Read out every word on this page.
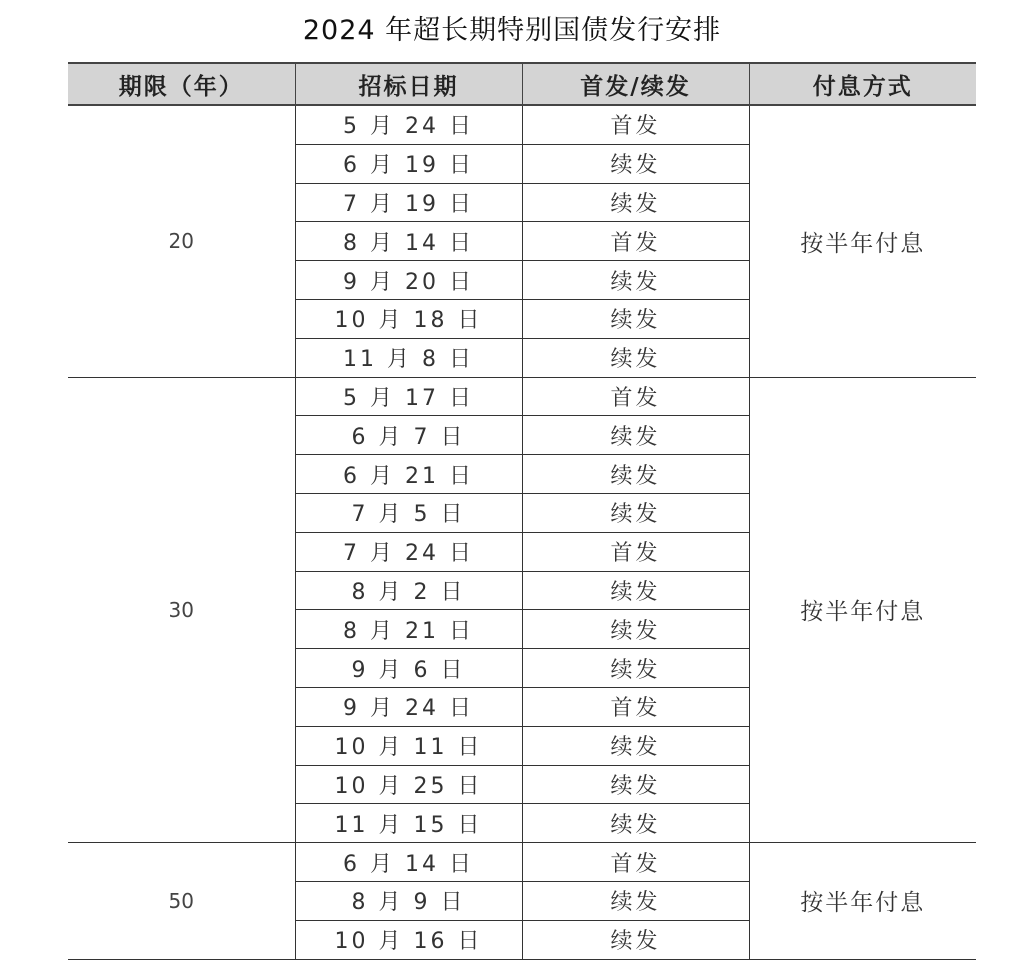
2024 年超长期特别国债发行安排
期限（年）	招标日期	首发/续发	付息方式
20	5 月 24 日	首发	按半年付息
	6 月 19 日	续发	
	7 月 19 日	续发	
	8 月 14 日	首发	
	9 月 20 日	续发	
	10 月 18 日	续发	
	11 月 8 日	续发	
30	5 月 17 日	首发	按半年付息
	6 月 7 日	续发	
	6 月 21 日	续发	
	7 月 5 日	续发	
	7 月 24 日	首发	
	8 月 2 日	续发	
	8 月 21 日	续发	
	9 月 6 日	续发	
	9 月 24 日	首发	
	10 月 11 日	续发	
	10 月 25 日	续发	
	11 月 15 日	续发	
50	6 月 14 日	首发	按半年付息
	8 月 9 日	续发	
	10 月 16 日	续发	
